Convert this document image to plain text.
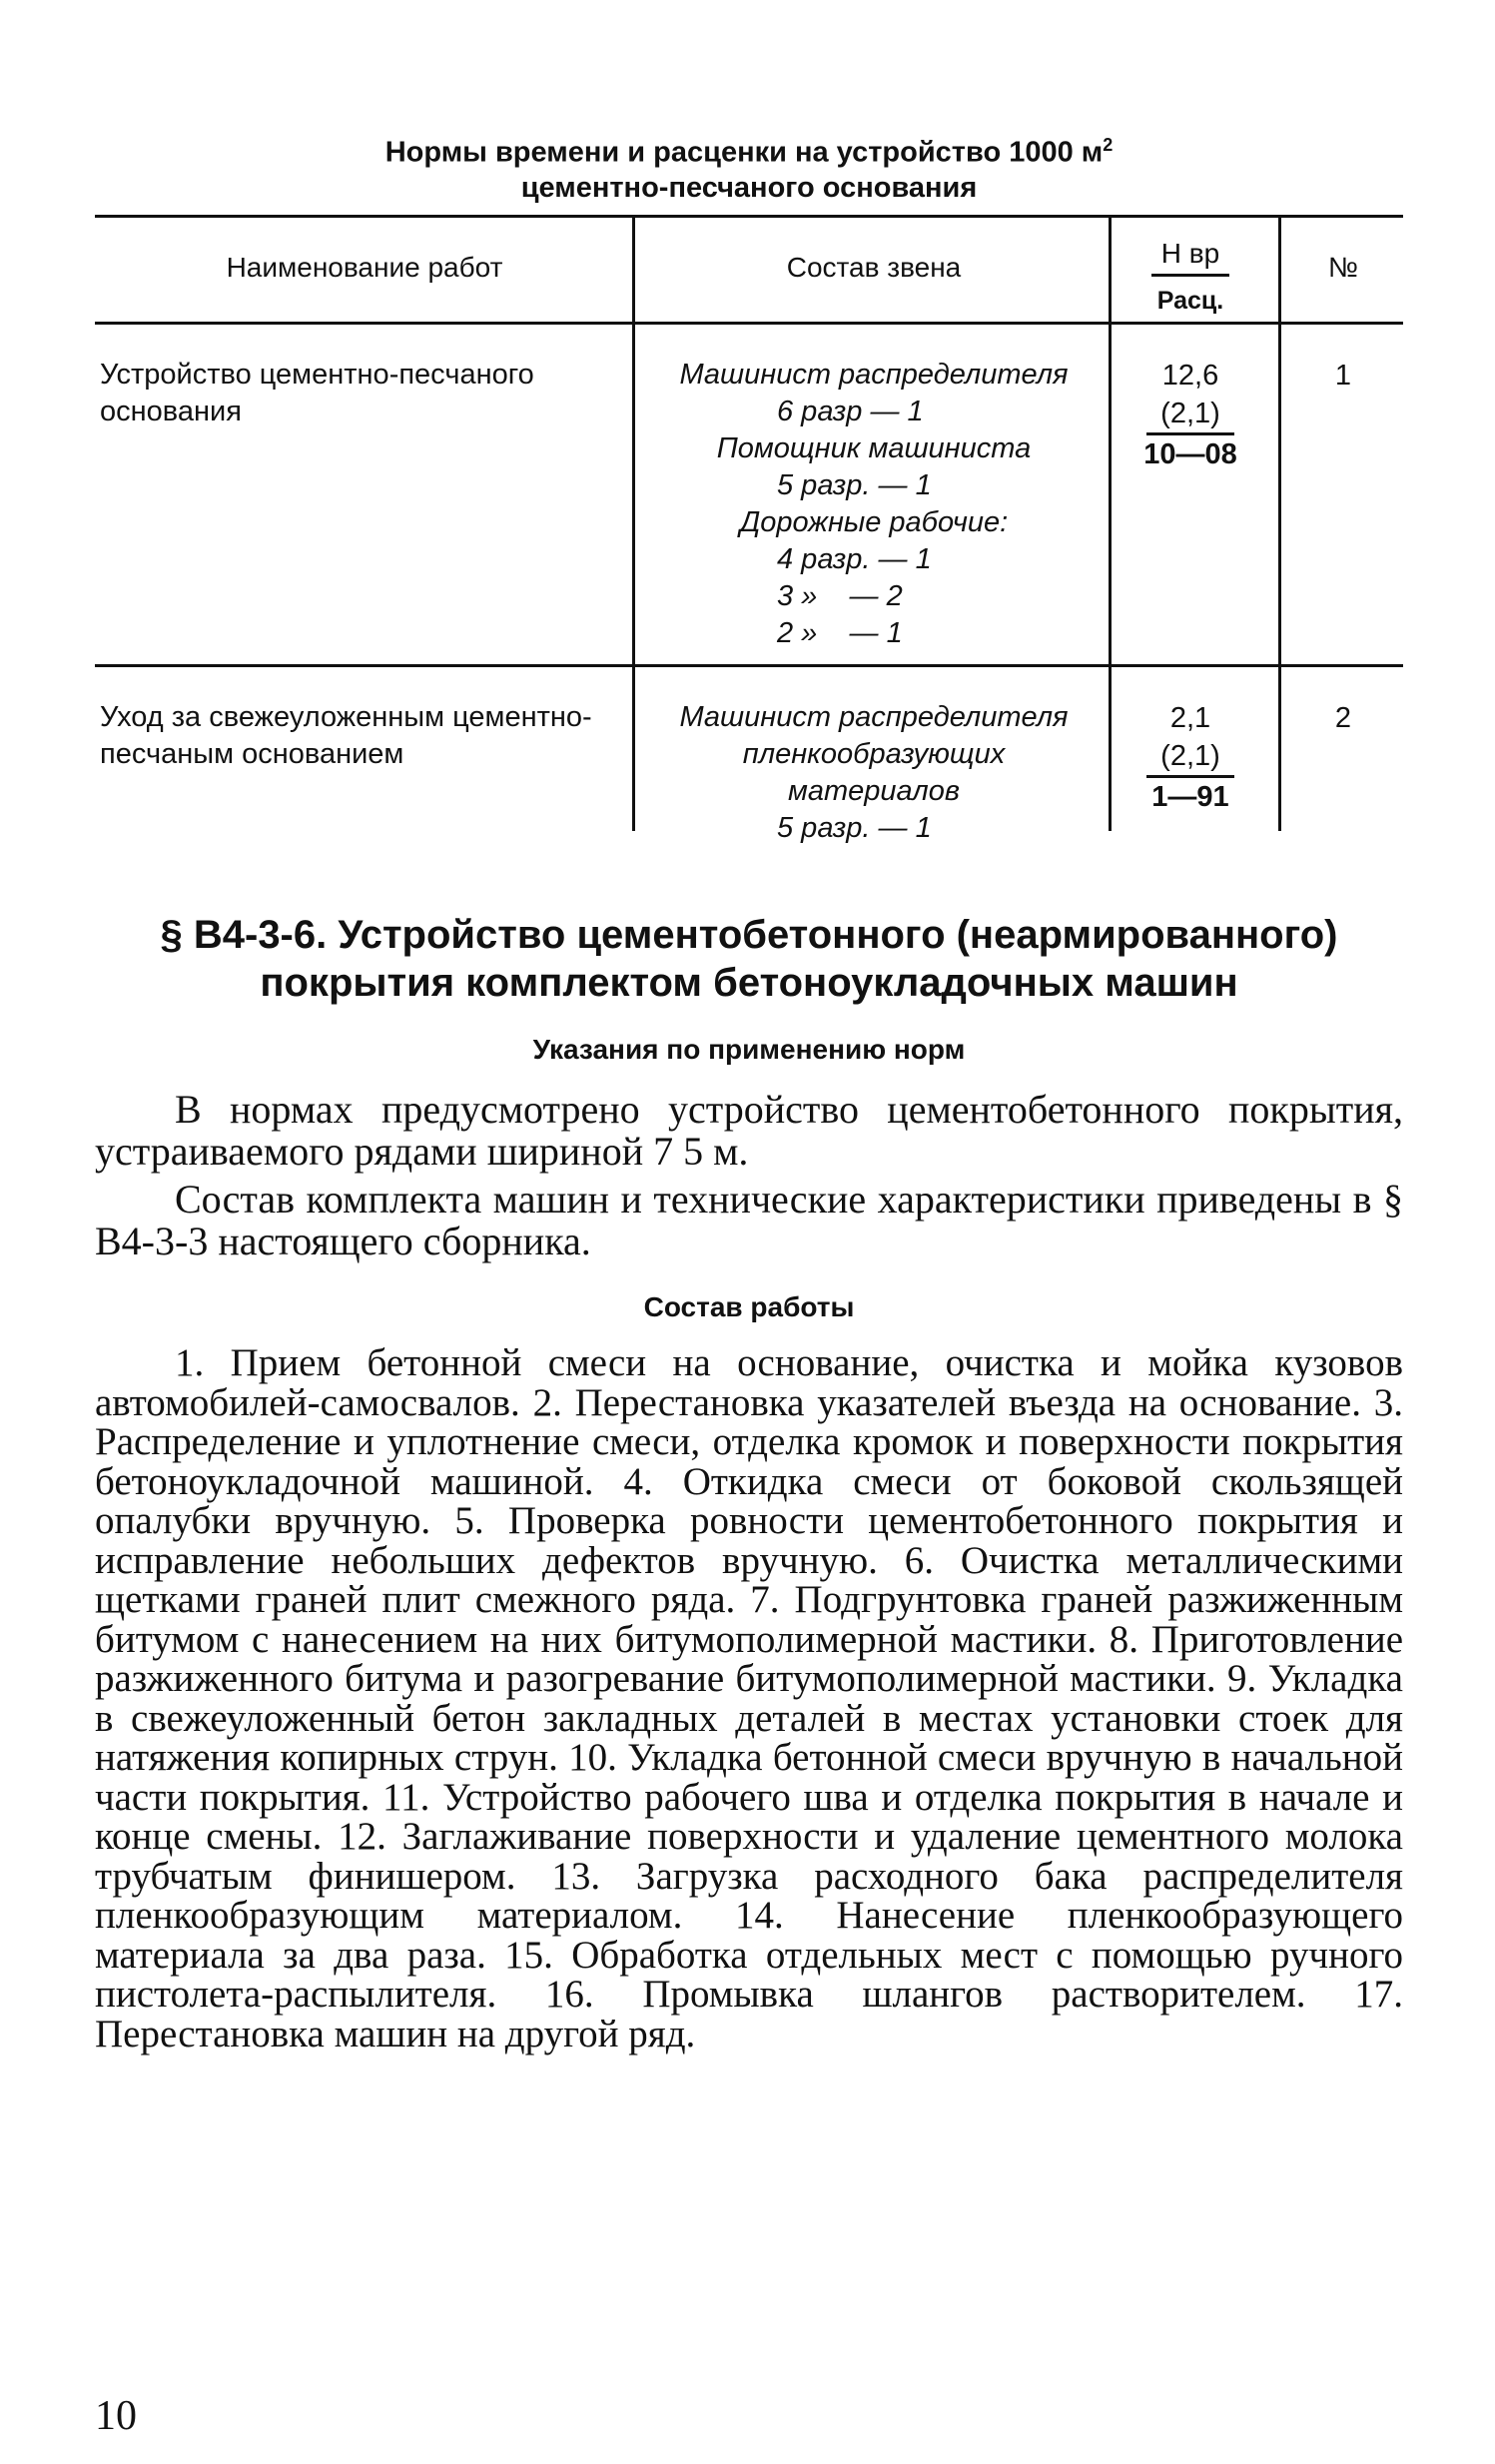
Нормы времени и расценки на устройство 1000 $м^2$
цементно-песчаного основания
Наименование работ	Состав звена	Н вр
Расц.
№
Устройство цементно-песчаного основания
Машинист распределителя
6 разр — 1
Помощник машиниста
5 разр. — 1
Дорожные рабочие:
4 разр. — 1
3 »    — 2
2 »    — 1
12,6
(2,1)
10—08
1
Уход за свежеуложенным цементно-песчаным основанием
Машинист распределителя
пленкообразующих
материалов
5 разр. — 1
2,1
(2,1)
1—91
2
§ В4-3-6. Устройство цементобетонного (неармированного)
покрытия комплектом бетоноукладочных машин
Указания по применению норм
В нормах предусмотрено устройство цементобетонного покрытия, устраиваемого рядами шириной 7 5 м.
Состав комплекта машин и технические характеристики приведены в § В4-3-3 настоящего сборника.
Состав работы
1. Прием бетонной смеси на основание, очистка и мойка кузовов автомобилей-самосвалов. 2. Перестановка указателей въезда на основание. 3. Распределение и уплотнение смеси, отделка кромок и поверхности покрытия бетоноукладочной машиной. 4. Откидка смеси от боковой скользящей опалубки вручную. 5. Проверка ровности цементобетонного покрытия и исправление небольших дефектов вручную. 6. Очистка металлическими щетками граней плит смежного ряда. 7. Подгрунтовка граней разжиженным битумом с нанесением на них битумополимерной мастики. 8. Приготовление разжиженного битума и разогревание битумополимерной мастики. 9. Укладка в свежеуложенный бетон закладных деталей в местах установки стоек для натяжения копирных струн. 10. Укладка бетонной смеси вручную в начальной части покрытия. 11. Устройство рабочего шва и отделка покрытия в начале и конце смены. 12. Заглаживание поверхности и удаление цементного молока трубчатым финишером. 13. Загрузка расходного бака распределителя пленкообразующим материалом. 14. Нанесение пленкообразующего материала за два раза. 15. Обработка отдельных мест с помощью ручного пистолета-распылителя. 16. Промывка шлангов растворителем. 17. Перестановка машин на другой ряд.
10
